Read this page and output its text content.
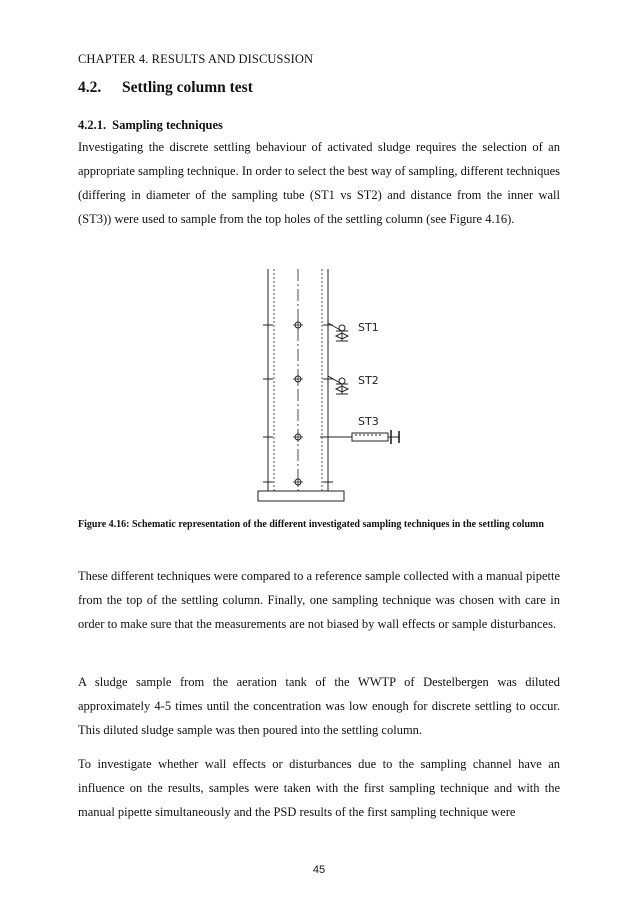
CHAPTER 4. RESULTS AND DISCUSSION
4.2. Settling column test
4.2.1. Sampling techniques

Investigating the discrete settling behaviour of activated sludge requires the selection of an appropriate sampling technique. In order to select the best way of sampling, different techniques (differing in diameter of the sampling tube (ST1 vs ST2) and distance from the inner wall (ST3)) were used to sample from the top holes of the settling column (see Figure 4.16).

ST1
ST2
ST3

Figure 4.16: Schematic representation of the different investigated sampling techniques in the settling column

These different techniques were compared to a reference sample collected with a manual pipette from the top of the settling column. Finally, one sampling technique was chosen with care in order to make sure that the measurements are not biased by wall effects or sample disturbances.

A sludge sample from the aeration tank of the WWTP of Destelbergen was diluted approximately 4-5 times until the concentration was low enough for discrete settling to occur. This diluted sludge sample was then poured into the settling column.

To investigate whether wall effects or disturbances due to the sampling channel have an influence on the results, samples were taken with the first sampling technique and with the manual pipette simultaneously and the PSD results of the first sampling technique were

45
